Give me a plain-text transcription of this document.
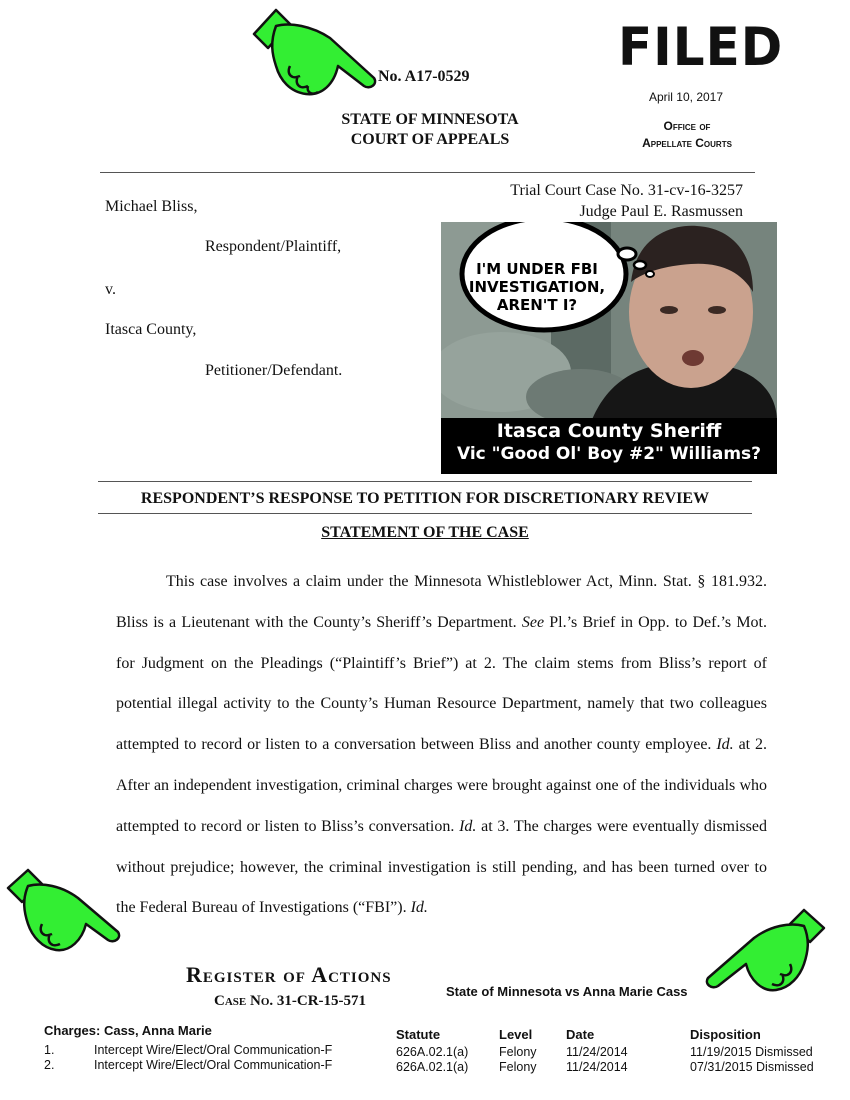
No. A17-0529
STATE OF MINNESOTA
COURT OF APPEALS
FILED
April 10, 2017
Office of
Appellate Courts
Michael Bliss,
Respondent/Plaintiff,
v.
Itasca County,
Petitioner/Defendant.
Trial Court Case No. 31-cv-16-3257
Judge Paul E. Rasmussen
I'M UNDER FBI
INVESTIGATION,
AREN'T I?
Itasca County Sheriff
Vic "Good Ol' Boy #2" Williams?
RESPONDENT’S RESPONSE TO PETITION FOR DISCRETIONARY REVIEW
STATEMENT OF THE CASE

This case involves a claim under the Minnesota Whistleblower Act, Minn. Stat. § 181.932. Bliss is a Lieutenant with the County’s Sheriff’s Department. See Pl.’s Brief in Opp. to Def.’s Mot. for Judgment on the Pleadings (“Plaintiff’s Brief”) at 2. The claim stems from Bliss’s report of potential illegal activity to the County’s Human Resource Department, namely that two colleagues attempted to record or listen to a conversation between Bliss and another county employee. Id. at 2. After an independent investigation, criminal charges were brought against one of the individuals who attempted to record or listen to Bliss’s conversation. Id. at 3. The charges were eventually dismissed without prejudice; however, the criminal investigation is still pending, and has been turned over to the Federal Bureau of Investigations (“FBI”). Id.

Register of Actions
Case No. 31-CR-15-571
State of Minnesota vs Anna Marie Cass
Charges: Cass, Anna Marie	Statute	Level	Date	Disposition
1.	Intercept Wire/Elect/Oral Communication-F	626A.02.1(a) Felony 11/24/2014	11/19/2015 Dismissed
2.	Intercept Wire/Elect/Oral Communication-F	626A.02.1(a) Felony 11/24/2014	07/31/2015 Dismissed
